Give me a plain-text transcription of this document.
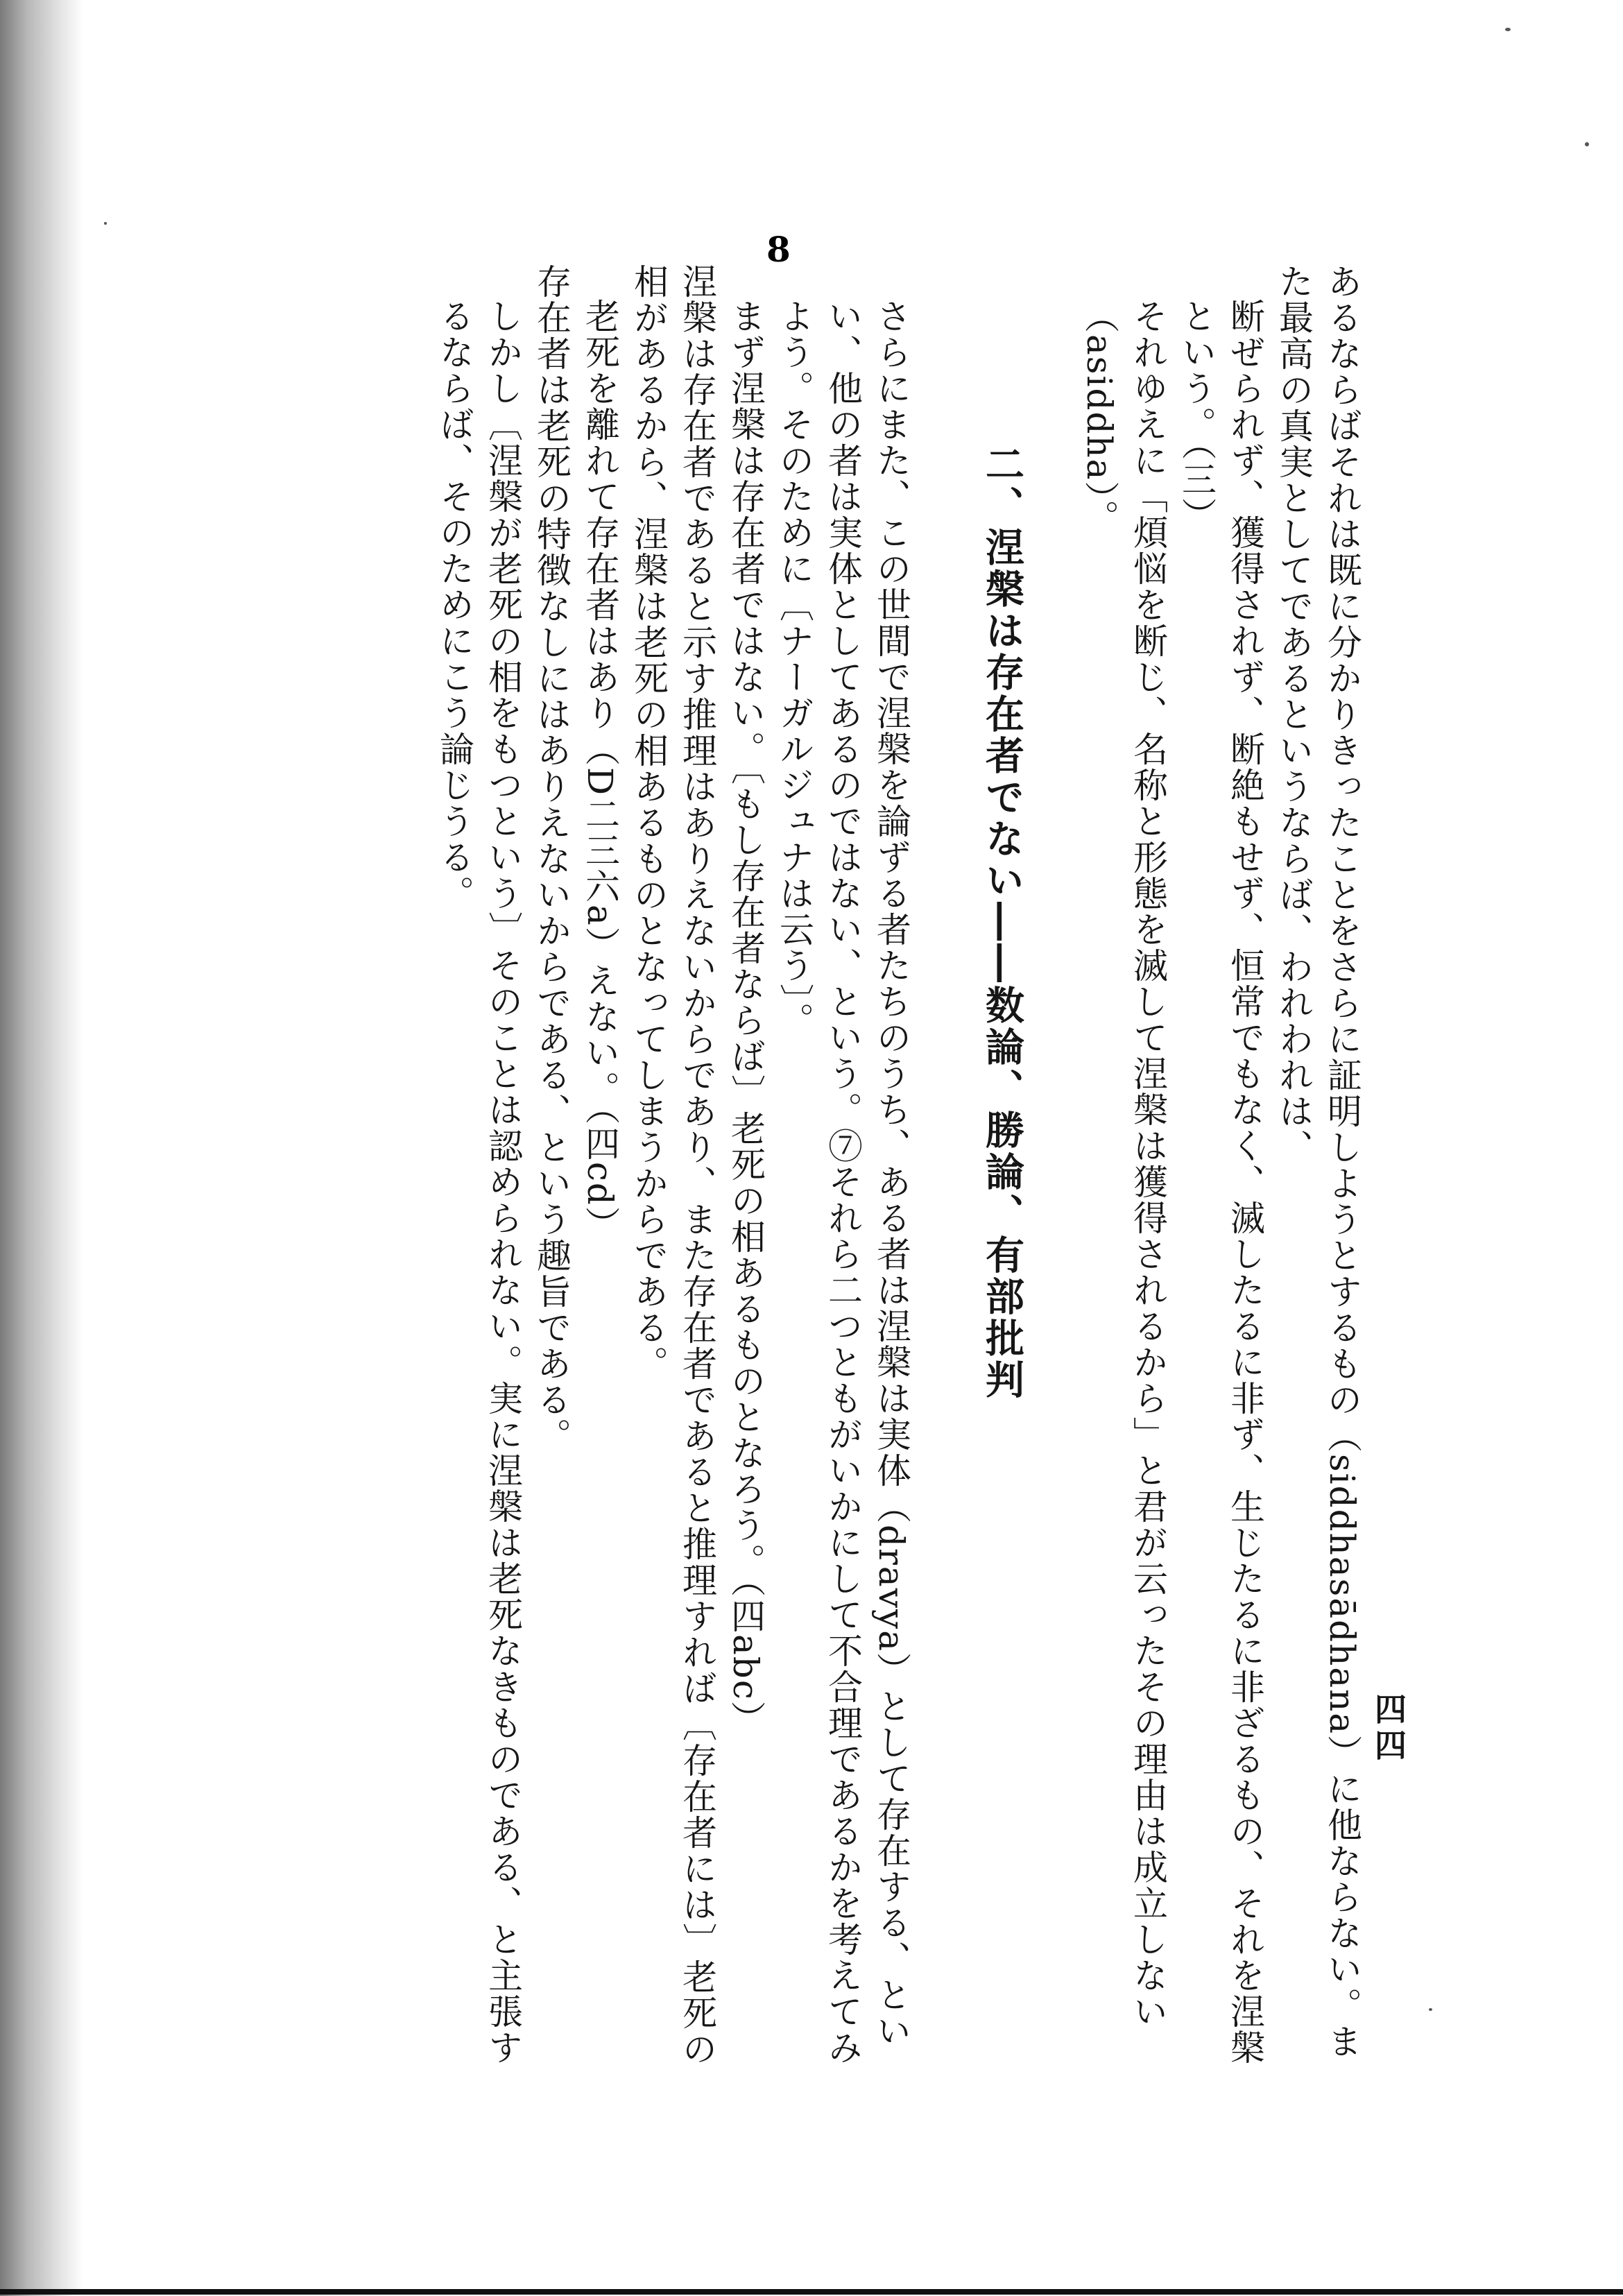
四四
8

あるならばそれは既に分かりきったことをさらに証明しようとするもの（siddhasādhana）に他ならない。また最高の真実としてであるというならば、われわれは、

断ぜられず、獲得されず、断絶もせず、恒常でもなく、滅したるに非ず、生じたるに非ざるもの、それを涅槃という。（三）

それゆえに「煩悩を断じ、名称と形態を滅して涅槃は獲得されるから」と君が云ったその理由は成立しない（asiddha）。

二、涅槃は存在者でない――数論、勝論、有部批判

さらにまた、この世間で涅槃を論ずる者たちのうち、ある者は涅槃は実体（dravya）として存在する、といい、他の者は実体としてあるのではない、という。⑦それら二つともがいかにして不合理であるかを考えてみよう。そのために〔ナーガルジュナは云う〕。

まず涅槃は存在者ではない。〔もし存在者ならば〕老死の相あるものとなろう。（四abc）

涅槃は存在者であると示す推理はありえないからであり、また存在者であると推理すれば〔存在者には〕老死の相があるから、涅槃は老死の相あるものとなってしまうからである。

老死を離れて存在者はあり（D二三六a）えない。（四cd）

存在者は老死の特徴なしにはありえないからである、という趣旨である。

しかし〔涅槃が老死の相をもつという〕そのことは認められない。実に涅槃は老死なきものである、と主張するならば、そのためにこう論じうる。
